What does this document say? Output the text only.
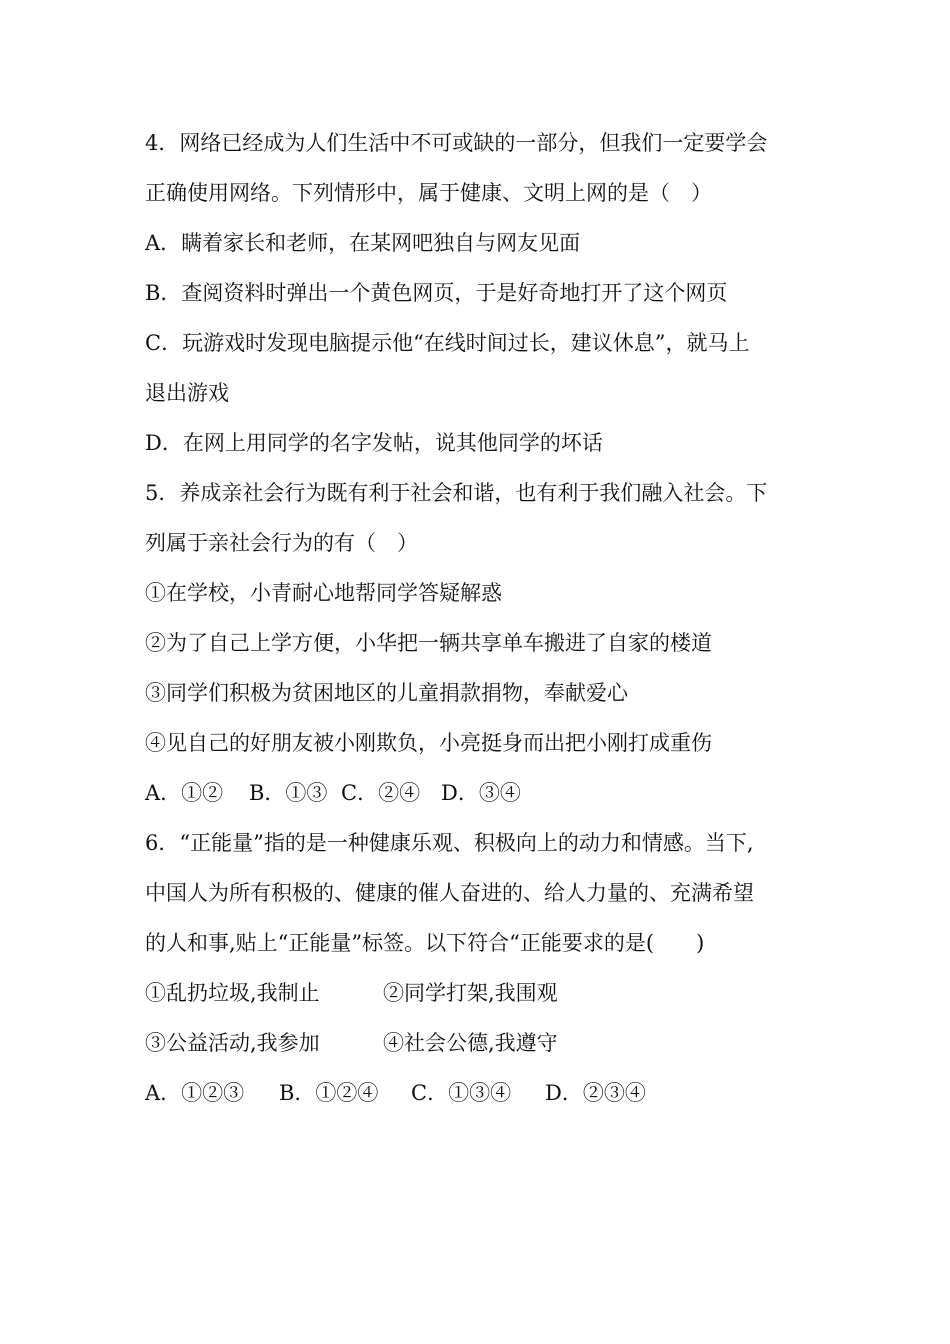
4．网络已经成为人们生活中不可或缺的一部分，但我们一定要学会
正确使用网络。下列情形中，属于健康、文明上网的是（　）
A．瞒着家长和老师，在某网吧独自与网友见面
B．查阅资料时弹出一个黄色网页，于是好奇地打开了这个网页
C．玩游戏时发现电脑提示他“在线时间过长，建议休息”，就马上
退出游戏
D．在网上用同学的名字发帖，说其他同学的坏话
5．养成亲社会行为既有利于社会和谐，也有利于我们融入社会。下
列属于亲社会行为的有（　）
①在学校，小青耐心地帮同学答疑解惑
②为了自己上学方便，小华把一辆共享单车搬进了自家的楼道
③同学们积极为贫困地区的儿童捐款捐物，奉献爱心
④见自己的好朋友被小刚欺负，小亮挺身而出把小刚打成重伤
A．①② B．①③ C．②④ D．③④
6．“正能量”指的是一种健康乐观、积极向上的动力和情感。当下,
中国人为所有积极的、健康的催人奋进的、给人力量的、充满希望
的人和事,贴上“正能量”标签。以下符合“正能要求的是(　　)
①乱扔垃圾,我制止	②同学打架,我围观
③公益活动,我参加	④社会公德,我遵守
A．①②③ B．①②④ C．①③④ D．②③④
